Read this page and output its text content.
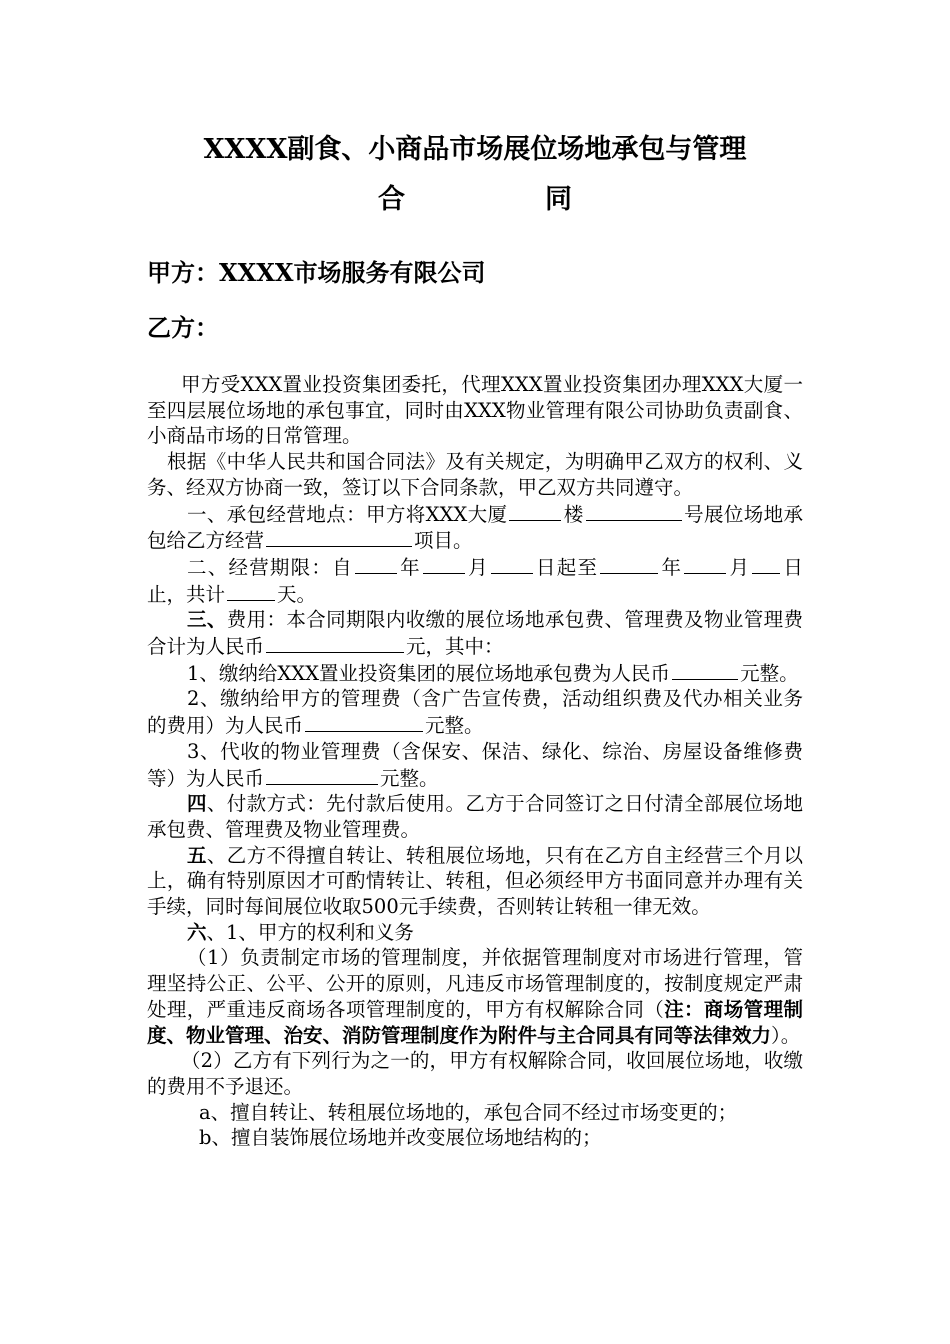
XXXX副食、小商品市场展位场地承包与管理
合	同
甲方：XXXX市场服务有限公司
乙方：

甲方受XXX置业投资集团委托，代理XXX置业投资集团办理XXX大厦一至四层展位场地的承包事宜，同时由XXX物业管理有限公司协助负责副食、小商品市场的日常管理。

根据《中华人民共和国合同法》及有关规定，为明确甲乙双方的权利、义务、经双方协商一致，签订以下合同条款，甲乙双方共同遵守。

一、承包经营地点：甲方将XXX大厦	楼	号展位场地承包给乙方经营	项目。

二、经营期限：自 年 月 日起至	年 月 日止，共计	天。

三、费用：本合同期限内收缴的展位场地承包费、管理费及物业管理费合计为人民币	元，其中：

1、缴纳给XXX置业投资集团的展位场地承包费为人民币	元整。

2、缴纳给甲方的管理费（含广告宣传费，活动组织费及代办相关业务的费用）为人民币	元整。

3、代收的物业管理费（含保安、保洁、绿化、综治、房屋设备维修费等）为人民币	元整。

四、付款方式：先付款后使用。乙方于合同签订之日付清全部展位场地承包费、管理费及物业管理费。

五、乙方不得擅自转让、转租展位场地，只有在乙方自主经营三个月以上，确有特别原因才可酌情转让、转租，但必须经甲方书面同意并办理有关手续，同时每间展位收取500元手续费，否则转让转租一律无效。

六、1、甲方的权利和义务

（1）负责制定市场的管理制度，并依据管理制度对市场进行管理，管理坚持公正、公平、公开的原则，凡违反市场管理制度的，按制度规定严肃处理，严重违反商场各项管理制度的，甲方有权解除合同（注：商场管理制度、物业管理、治安、消防管理制度作为附件与主合同具有同等法律效力）。

（2）乙方有下列行为之一的，甲方有权解除合同，收回展位场地，收缴的费用不予退还。

a、擅自转让、转租展位场地的，承包合同不经过市场变更的；

b、擅自装饰展位场地并改变展位场地结构的；
